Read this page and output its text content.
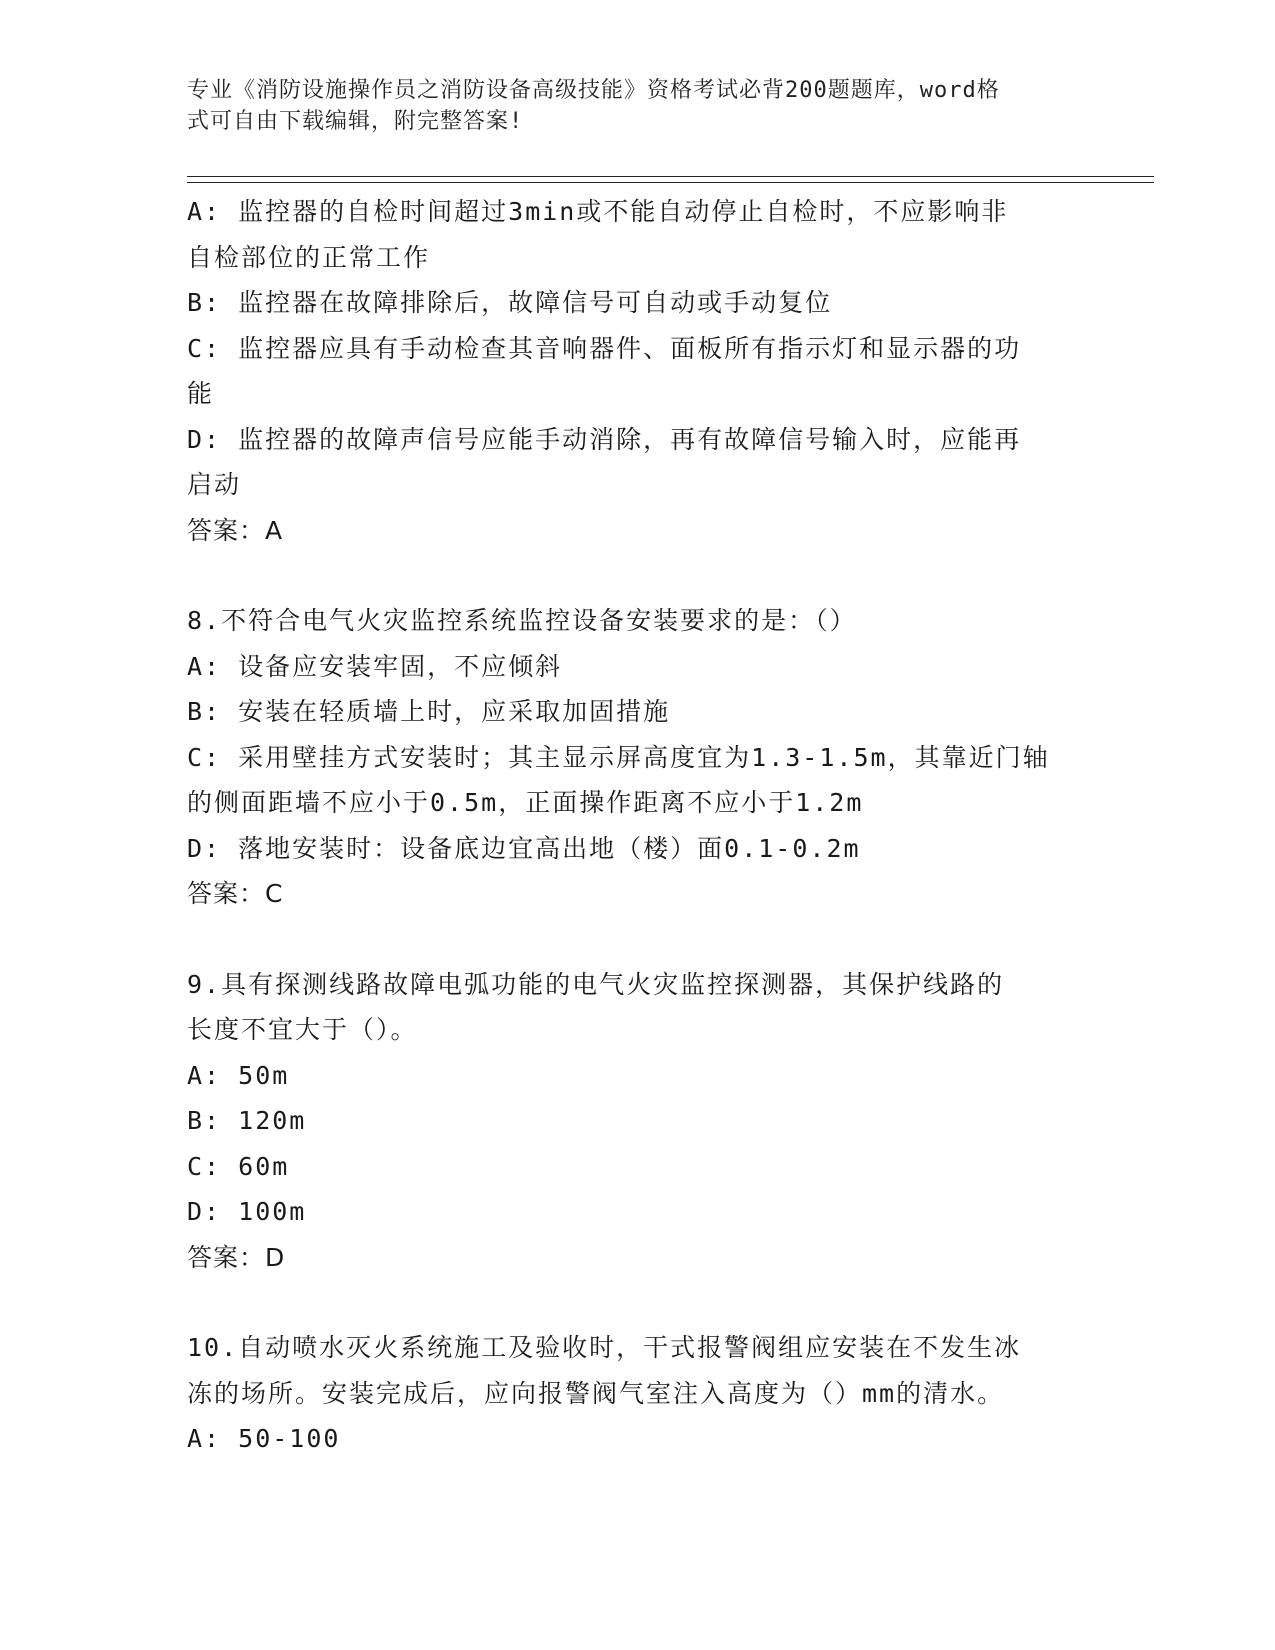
专业《消防设施操作员之消防设备高级技能》资格考试必背200题题库，word格
式可自由下载编辑，附完整答案!
A: 监控器的自检时间超过3min或不能自动停止自检时，不应影响非
自检部位的正常工作
B: 监控器在故障排除后，故障信号可自动或手动复位
C: 监控器应具有手动检查其音响器件、面板所有指示灯和显示器的功
能
D: 监控器的故障声信号应能手动消除，再有故障信号输入时，应能再
启动
答案：A
8.不符合电气火灾监控系统监控设备安装要求的是：（）
A: 设备应安装牢固，不应倾斜
B: 安装在轻质墙上时，应采取加固措施
C: 采用壁挂方式安装时；其主显示屏高度宜为1.3-1.5m，其靠近门轴
的侧面距墙不应小于0.5m，正面操作距离不应小于1.2m
D: 落地安装时：设备底边宜高出地（楼）面0.1-0.2m
答案：C
9.具有探测线路故障电弧功能的电气火灾监控探测器，其保护线路的
长度不宜大于（）。
A: 50m
B: 120m
C: 60m
D: 100m
答案：D
10.自动喷水灭火系统施工及验收时，干式报警阀组应安装在不发生冰
冻的场所。安装完成后，应向报警阀气室注入高度为（）mm的清水。
A: 50-100
